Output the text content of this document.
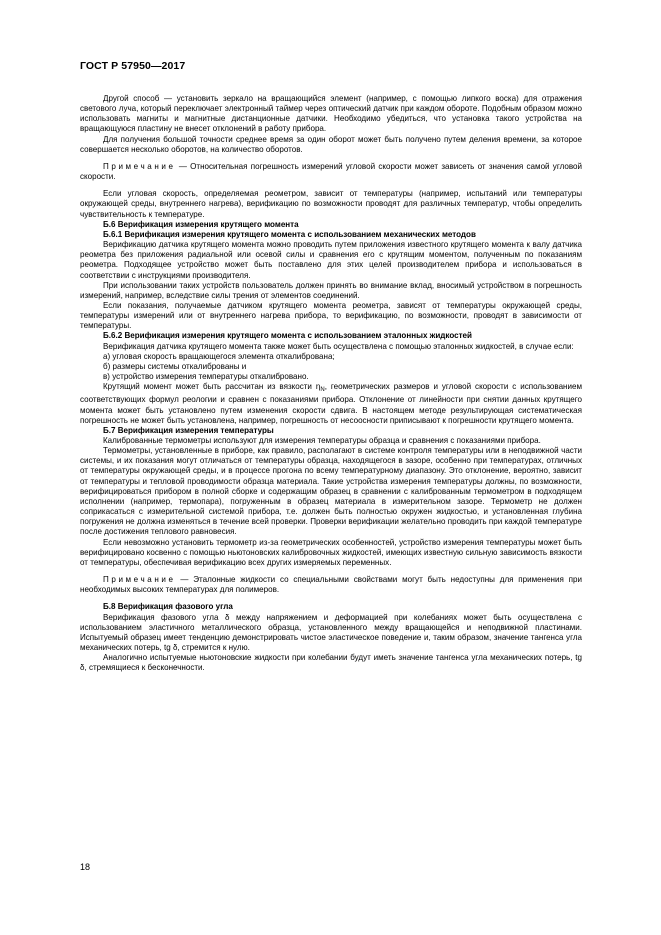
ГОСТ Р 57950—2017

Другой способ — установить зеркало на вращающийся элемент (например, с помощью липкого воска) для отражения светового луча, который переключает электронный таймер через оптический датчик при каждом обороте. Подобным образом можно использовать магниты и магнитные дистанционные датчики. Необходимо убедиться, что установка такого устройства на вращающуюся пластину не внесет отклонений в работу прибора.

Для получения большой точности среднее время за один оборот может быть получено путем деления времени, за которое совершается несколько оборотов, на количество оборотов.

Примечание — Относительная погрешность измерений угловой скорости может зависеть от значения самой угловой скорости.

Если угловая скорость, определяемая реометром, зависит от температуры (например, испытаний или температуры окружающей среды, внутреннего нагрева), верификацию по возможности проводят для различных температур, чтобы определить чувствительность к температуре.

Б.6 Верификация измерения крутящего момента

Б.6.1 Верификация измерения крутящего момента с использованием механических методов

Верификацию датчика крутящего момента можно проводить путем приложения известного крутящего момента к валу датчика реометра без приложения радиальной или осевой силы и сравнения его с крутящим моментом, полученным по показаниям реометра. Подходящее устройство может быть поставлено для этих целей производителем прибора и использоваться в соответствии с инструкциями производителя.

При использовании таких устройств пользователь должен принять во внимание вклад, вносимый устройством в погрешность измерений, например, вследствие силы трения от элементов соединений.

Если показания, получаемые датчиком крутящего момента реометра, зависят от температуры окружающей среды, температуры измерений или от внутреннего нагрева прибора, то верификацию, по возможности, проводят в зависимости от температуры.

Б.6.2 Верификация измерения крутящего момента с использованием эталонных жидкостей

Верификация датчика крутящего момента также может быть осуществлена с помощью эталонных жидкостей, в случае если:

а) угловая скорость вращающегося элемента откалиброванa;

б) размеры системы откалиброваны и

в) устройство измерения температуры откалибровано.

Крутящий момент может быть рассчитан из вязкости $\eta_N$, геометрических размеров и угловой скорости с использованием соответствующих формул реологии и сравнен с показаниями прибора. Отклонение от линейности при снятии данных крутящего момента может быть установлено путем изменения скорости сдвига. В настоящем методе результирующая систематическая погрешность не может быть установлена, например, погрешность от несоосности приписывают к погрешности крутящего момента.

Б.7 Верификация измерения температуры

Калиброванные термометры используют для измерения температуры образца и сравнения с показаниями прибора.

Термометры, установленные в приборе, как правило, располагают в системе контроля температуры или в неподвижной части системы, и их показания могут отличаться от температуры образца, находящегося в зазоре, особенно при температурах, отличных от температуры окружающей среды, и в процессе прогона по всему температурному диапазону. Это отклонение, вероятно, зависит от температуры и тепловой проводимости образца материала. Такие устройства измерения температуры должны, по возможности, верифицироваться прибором в полной сборке и содержащим образец в сравнении с калиброванным термометром в подходящем исполнении (например, термопара), погруженным в образец материала в измерительном зазоре. Термометр не должен соприкасаться с измерительной системой прибора, т.е. должен быть полностью окружен жидкостью, и установленная глубина погружения не должна изменяться в течение всей проверки. Проверки верификации желательно проводить при каждой температуре после достижения теплового равновесия.

Если невозможно установить термометр из-за геометрических особенностей, устройство измерения температуры может быть верифицировано косвенно с помощью ньютоновских калибровочных жидкостей, имеющих известную сильную зависимость вязкости от температуры, обеспечивая верификацию всех других измеряемых переменных.

Примечание — Эталонные жидкости со специальными свойствами могут быть недоступны для применения при необходимых высоких температурах для полимеров.

Б.8 Верификация фазового угла

Верификация фазового угла δ между напряжением и деформацией при колебаниях может быть осуществлена с использованием эластичного металлического образца, установленного между вращающейся и неподвижной пластинами. Испытуемый образец имеет тенденцию демонстрировать чистое эластическое поведение и, таким образом, значение тангенса угла механических потерь, tg δ, стремится к нулю.

Аналогично испытуемые ньютоновские жидкости при колебании будут иметь значение тангенса угла механических потерь, tg δ, стремящиеся к бесконечности.

18
